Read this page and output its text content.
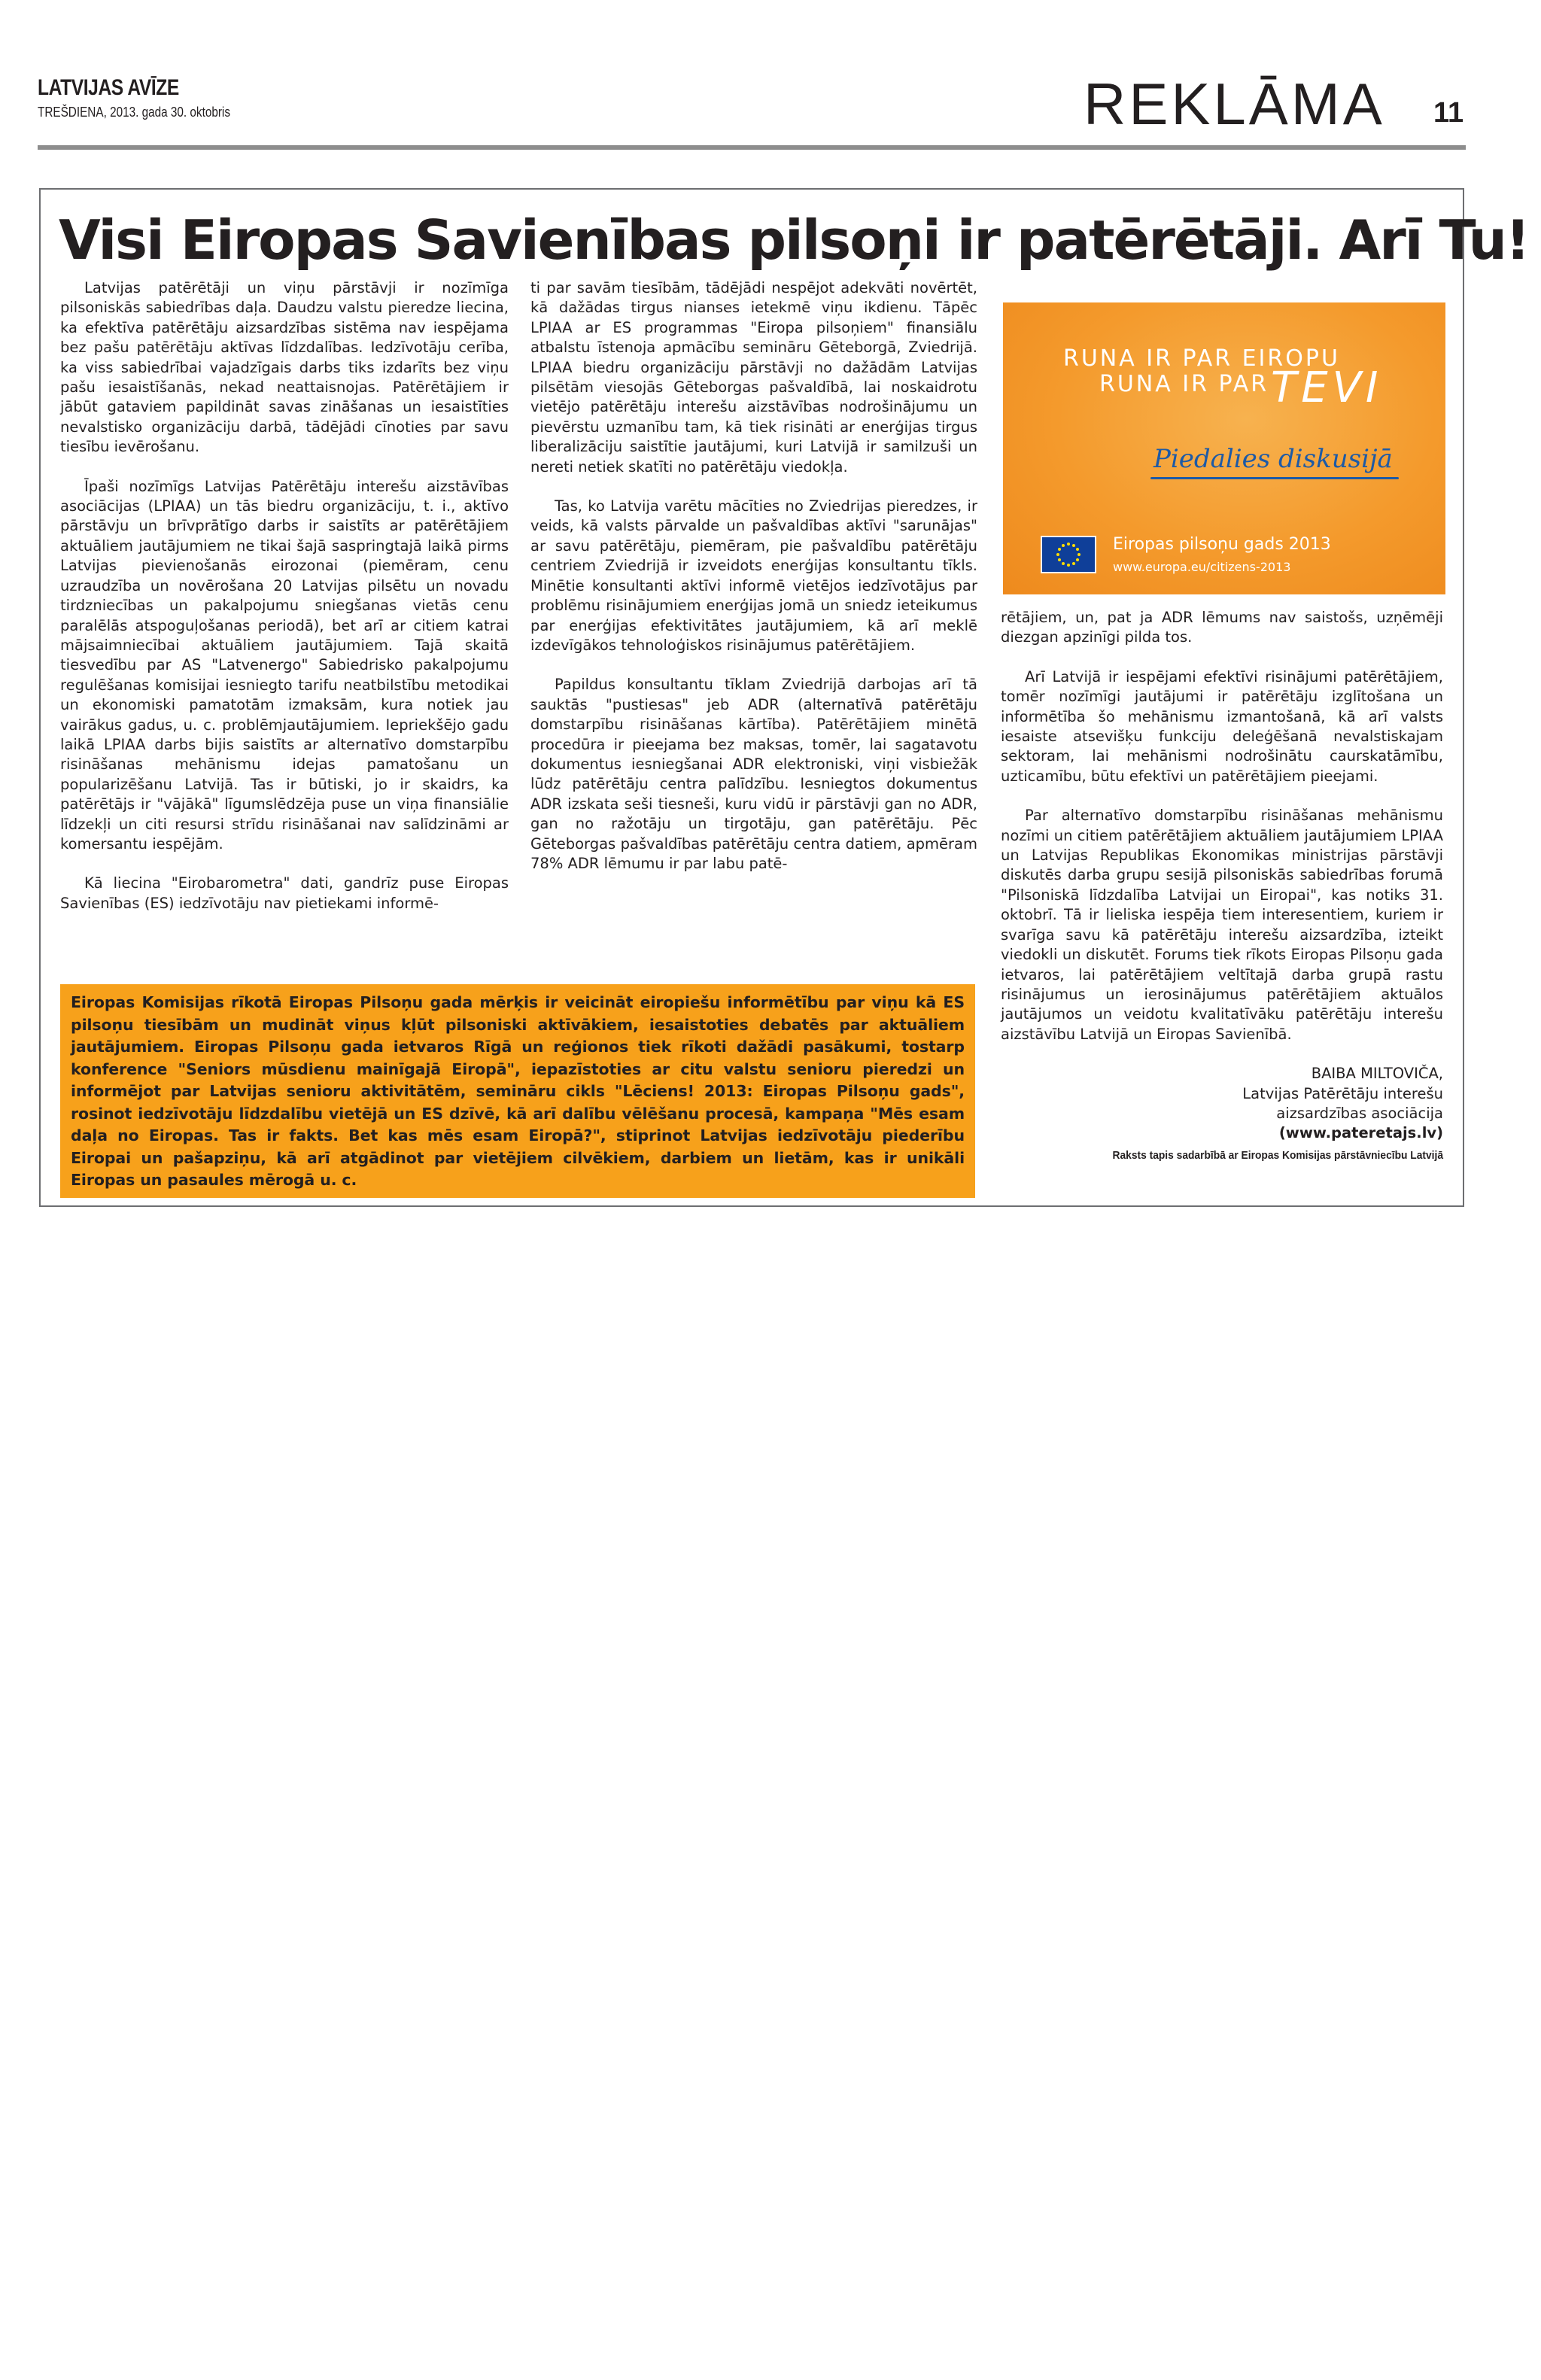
LATVIJAS AVĪZE
TREŠDIENA, 2013. gada 30. oktobris	REKLĀMA 11
Visi Eiropas Savienības pilsoņi ir patērētāji. Arī Tu!

Latvijas patērētāji un viņu pārstāvji ir nozīmīga pilsoniskās sabiedrības daļa. Daudzu valstu pieredze liecina, ka efektīva patērētāju aizsardzības sistēma nav iespējama bez pašu patērētāju aktīvas līdzdalības. Iedzīvotāju cerība, ka viss sabiedrībai vajadzīgais darbs tiks izdarīts bez viņu pašu iesaistīšanās, nekad neattaisnojas. Patērētājiem ir jābūt gataviem papildināt savas zināšanas un iesaistīties nevalstisko organizāciju darbā, tādējādi cīnoties par savu tiesību ievērošanu.

Īpaši nozīmīgs Latvijas Patērētāju interešu aizstāvības asociācijas (LPIAA) un tās biedru organizāciju, t. i., aktīvo pārstāvju un brīvprātīgo darbs ir saistīts ar patērētājiem aktuāliem jautājumiem ne tikai šajā saspringtajā laikā pirms Latvijas pievienošanās eirozonai (piemēram, cenu uzraudzība un novērošana 20 Latvijas pilsētu un novadu tirdzniecības un pakalpojumu sniegšanas vietās cenu paralēlās atspoguļošanas periodā), bet arī ar citiem katrai mājsaimniecībai aktuāliem jautājumiem. Tajā skaitā tiesvedību par AS "Latvenergo" Sabiedrisko pakalpojumu regulēšanas komisijai iesniegto tarifu neatbilstību metodikai un ekonomiski pamatotām izmaksām, kura notiek jau vairākus gadus, u. c. problēmjautājumiem. Iepriekšējo gadu laikā LPIAA darbs bijis saistīts ar alternatīvo domstarpību risināšanas mehānismu idejas pamatošanu un popularizēšanu Latvijā. Tas ir būtiski, jo ir skaidrs, ka patērētājs ir "vājākā" līgumslēdzēja puse un viņa finansiālie līdzekļi un citi resursi strīdu risināšanai nav salīdzināmi ar komersantu iespējām.

Kā liecina "Eirobarometra" dati, gandrīz puse Eiropas Savienības (ES) iedzīvotāju nav pietiekami informē-

ti par savām tiesībām, tādējādi nespējot adekvāti novērtēt, kā dažādas tirgus nianses ietekmē viņu ikdienu. Tāpēc LPIAA ar ES programmas "Eiropa pilsoņiem" finansiālu atbalstu īstenoja apmācību semināru Gēteborgā, Zviedrijā. LPIAA biedru organizāciju pārstāvji no dažādām Latvijas pilsētām viesojās Gēteborgas pašvaldībā, lai noskaidrotu vietējo patērētāju interešu aizstāvības nodrošinājumu un pievērstu uzmanību tam, kā tiek risināti ar enerģijas tirgus liberalizāciju saistītie jautājumi, kuri Latvijā ir samilzuši un nereti netiek skatīti no patērētāju viedokļa.

Tas, ko Latvija varētu mācīties no Zviedrijas pieredzes, ir veids, kā valsts pārvalde un pašvaldības aktīvi "sarunājas" ar savu patērētāju, piemēram, pie pašvaldību patērētāju centriem Zviedrijā ir izveidots enerģijas konsultantu tīkls. Minētie konsultanti aktīvi informē vietējos iedzīvotājus par problēmu risinājumiem enerģijas jomā un sniedz ieteikumus par enerģijas efektivitātes jautājumiem, kā arī meklē izdevīgākos tehnoloģiskos risinājumus patērētājiem.

Papildus konsultantu tīklam Zviedrijā darbojas arī tā sauktās "pustiesas" jeb ADR (alternatīvā patērētāju domstarpību risināšanas kārtība). Patērētājiem minētā procedūra ir pieejama bez maksas, tomēr, lai sagatavotu dokumentus iesniegšanai ADR elektroniski, viņi visbiežāk lūdz patērētāju centra palīdzību. Iesniegtos dokumentus ADR izskata seši tiesneši, kuru vidū ir pārstāvji gan no ADR, gan no ražotāju un tirgotāju, gan patērētāju. Pēc Gēteborgas pašvaldības patērētāju centra datiem, apmēram 78% ADR lēmumu ir par labu patē-

RUNA IR PAR EIROPU
RUNA IR PAR TEVI
Piedalies diskusijā
Eiropas pilsoņu gads 2013
www.europa.eu/citizens-2013

rētājiem, un, pat ja ADR lēmums nav saistošs, uzņēmēji diezgan apzinīgi pilda tos.

Arī Latvijā ir iespējami efektīvi risinājumi patērētājiem, tomēr nozīmīgi jautājumi ir patērētāju izglītošana un informētība šo mehānismu izmantošanā, kā arī valsts iesaiste atsevišķu funkciju deleģēšanā nevalstiskajam sektoram, lai mehānismi nodrošinātu caurskatāmību, uzticamību, būtu efektīvi un patērētājiem pieejami.

Par alternatīvo domstarpību risināšanas mehānismu nozīmi un citiem patērētājiem aktuāliem jautājumiem LPIAA un Latvijas Republikas Ekonomikas ministrijas pārstāvji diskutēs darba grupu sesijā pilsoniskās sabiedrības forumā "Pilsoniskā līdzdalība Latvijai un Eiropai", kas notiks 31. oktobrī. Tā ir lieliska iespēja tiem interesentiem, kuriem ir svarīga savu kā patērētāju interešu aizsardzība, izteikt viedokli un diskutēt. Forums tiek rīkots Eiropas Pilsoņu gada ietvaros, lai patērētājiem veltītajā darba grupā rastu risinājumus un ierosinājumus patērētājiem aktuālos jautājumos un veidotu kvalitatīvāku patērētāju interešu aizstāvību Latvijā un Eiropas Savienībā.

BAIBA MILTOVIČA,
Latvijas Patērētāju interešu
aizsardzības asociācija
(www.pateretajs.lv)

Raksts tapis sadarbībā ar Eiropas Komisijas pārstāvniecību Latvijā

Eiropas Komisijas rīkotā Eiropas Pilsoņu gada mērķis ir veicināt eiropiešu informētību par viņu kā ES pilsoņu tiesībām un mudināt viņus kļūt pilsoniski aktīvākiem, iesaistoties debatēs par aktuāliem jautājumiem. Eiropas Pilsoņu gada ietvaros Rīgā un reģionos tiek rīkoti dažādi pasākumi, tostarp konference "Seniors mūsdienu mainīgajā Eiropā", iepazīstoties ar citu valstu senioru pieredzi un informējot par Latvijas senioru aktivitātēm, semināru cikls "Lēciens! 2013: Eiropas Pilsoņu gads", rosinot iedzīvotāju līdzdalību vietējā un ES dzīvē, kā arī dalību vēlēšanu procesā, kampaņa "Mēs esam daļa no Eiropas. Tas ir fakts. Bet kas mēs esam Eiropā?", stiprinot Latvijas iedzīvotāju piederību Eiropai un pašapziņu, kā arī atgādinot par vietējiem cilvēkiem, darbiem un lietām, kas ir unikāli Eiropas un pasaules mērogā u. c.
